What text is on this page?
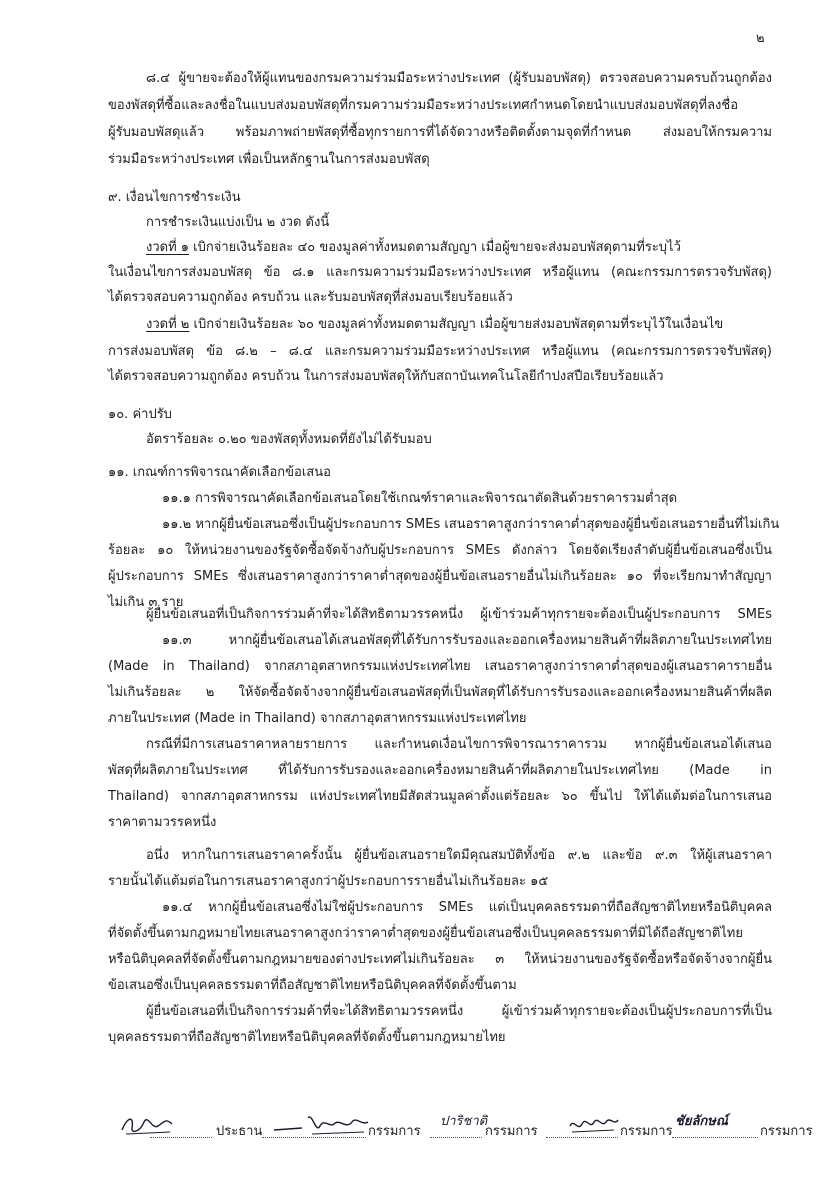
๒
๘.๔ ผู้ขายจะต้องให้ผู้แทนของกรมความร่วมมือระหว่างประเทศ (ผู้รับมอบพัสดุ) ตรวจสอบความครบถ้วนถูกต้อง
ของพัสดุที่ซื้อและลงชื่อในแบบส่งมอบพัสดุที่กรมความร่วมมือระหว่างประเทศกำหนดโดยนำแบบส่งมอบพัสดุที่ลงชื่อ
ผู้รับมอบพัสดุแล้ว พร้อมภาพถ่ายพัสดุที่ซื้อทุกรายการที่ได้จัดวางหรือติดตั้งตามจุดที่กำหนด ส่งมอบให้กรมความ
ร่วมมือระหว่างประเทศ เพื่อเป็นหลักฐานในการส่งมอบพัสดุ
๙. เงื่อนไขการชำระเงิน
การชำระเงินแบ่งเป็น ๒ งวด ดังนี้
งวดที่ ๑ เบิกจ่ายเงินร้อยละ ๔๐ ของมูลค่าทั้งหมดตามสัญญา เมื่อผู้ขายจะส่งมอบพัสดุตามที่ระบุไว้
ในเงื่อนไขการส่งมอบพัสดุ ข้อ ๘.๑ และกรมความร่วมมือระหว่างประเทศ หรือผู้แทน (คณะกรรมการตรวจรับพัสดุ)
ได้ตรวจสอบความถูกต้อง ครบถ้วน และรับมอบพัสดุที่ส่งมอบเรียบร้อยแล้ว
งวดที่ ๒ เบิกจ่ายเงินร้อยละ ๖๐ ของมูลค่าทั้งหมดตามสัญญา เมื่อผู้ขายส่งมอบพัสดุตามที่ระบุไว้ในเงื่อนไข
การส่งมอบพัสดุ ข้อ ๘.๒ – ๘.๔ และกรมความร่วมมือระหว่างประเทศ หรือผู้แทน (คณะกรรมการตรวจรับพัสดุ)
ได้ตรวจสอบความถูกต้อง ครบถ้วน ในการส่งมอบพัสดุให้กับสถาบันเทคโนโลยีกำปงสปือเรียบร้อยแล้ว
๑๐. ค่าปรับ
อัตราร้อยละ ๐.๒๐ ของพัสดุทั้งหมดที่ยังไม่ได้รับมอบ
๑๑. เกณฑ์การพิจารณาคัดเลือกข้อเสนอ
๑๑.๑ การพิจารณาคัดเลือกข้อเสนอโดยใช้เกณฑ์ราคาและพิจารณาตัดสินด้วยราคารวมต่ำสุด
๑๑.๒ หากผู้ยื่นข้อเสนอซึ่งเป็นผู้ประกอบการ SMEs เสนอราคาสูงกว่าราคาต่ำสุดของผู้ยื่นข้อเสนอรายอื่นที่ไม่เกิน
ร้อยละ ๑๐ ให้หน่วยงานของรัฐจัดซื้อจัดจ้างกับผู้ประกอบการ SMEs ดังกล่าว โดยจัดเรียงลำดับผู้ยื่นข้อเสนอซึ่งเป็น
ผู้ประกอบการ SMEs ซึ่งเสนอราคาสูงกว่าราคาต่ำสุดของผู้ยื่นข้อเสนอรายอื่นไม่เกินร้อยละ ๑๐ ที่จะเรียกมาทำสัญญา
ไม่เกิน ๓ ราย
ผู้ยื่นข้อเสนอที่เป็นกิจการร่วมค้าที่จะได้สิทธิตามวรรคหนึ่ง ผู้เข้าร่วมค้าทุกรายจะต้องเป็นผู้ประกอบการ SMEs
๑๑.๓ หากผู้ยื่นข้อเสนอได้เสนอพัสดุที่ได้รับการรับรองและออกเครื่องหมายสินค้าที่ผลิตภายในประเทศไทย
(Made in Thailand) จากสภาอุตสาหกรรมแห่งประเทศไทย เสนอราคาสูงกว่าราคาต่ำสุดของผู้เสนอราคารายอื่น
ไม่เกินร้อยละ ๒ ให้จัดซื้อจัดจ้างจากผู้ยื่นข้อเสนอพัสดุที่เป็นพัสดุที่ได้รับการรับรองและออกเครื่องหมายสินค้าที่ผลิต
ภายในประเทศ (Made in Thailand) จากสภาอุตสาหกรรมแห่งประเทศไทย
กรณีที่มีการเสนอราคาหลายรายการ และกำหนดเงื่อนไขการพิจารณาราคารวม หากผู้ยื่นข้อเสนอได้เสนอ
พัสดุที่ผลิตภายในประเทศ ที่ได้รับการรับรองและออกเครื่องหมายสินค้าที่ผลิตภายในประเทศไทย (Made in
Thailand) จากสภาอุตสาหกรรม แห่งประเทศไทยมีสัดส่วนมูลค่าตั้งแต่ร้อยละ ๖๐ ขึ้นไป ให้ได้แต้มต่อในการเสนอ
ราคาตามวรรคหนึ่ง
อนึ่ง หากในการเสนอราคาครั้งนั้น ผู้ยื่นข้อเสนอรายใดมีคุณสมบัติทั้งข้อ ๙.๒ และข้อ ๙.๓ ให้ผู้เสนอราคา
รายนั้นได้แต้มต่อในการเสนอราคาสูงกว่าผู้ประกอบการรายอื่นไม่เกินร้อยละ ๑๕
๑๑.๔ หากผู้ยื่นข้อเสนอซึ่งไม่ใช่ผู้ประกอบการ SMEs แต่เป็นบุคคลธรรมดาที่ถือสัญชาติไทยหรือนิติบุคคล
ที่จัดตั้งขึ้นตามกฎหมายไทยเสนอราคาสูงกว่าราคาต่ำสุดของผู้ยื่นข้อเสนอซึ่งเป็นบุคคลธรรมดาที่มิได้ถือสัญชาติไทย
หรือนิติบุคคลที่จัดตั้งขึ้นตามกฎหมายของต่างประเทศไม่เกินร้อยละ ๓ ให้หน่วยงานของรัฐจัดซื้อหรือจัดจ้างจากผู้ยื่น
ข้อเสนอซึ่งเป็นบุคคลธรรมดาที่ถือสัญชาติไทยหรือนิติบุคคลที่จัดตั้งขึ้นตาม
ผู้ยื่นข้อเสนอที่เป็นกิจการร่วมค้าที่จะได้สิทธิตามวรรคหนึ่ง ผู้เข้าร่วมค้าทุกรายจะต้องเป็นผู้ประกอบการที่เป็น
บุคคลธรรมดาที่ถือสัญชาติไทยหรือนิติบุคคลที่จัดตั้งขึ้นตามกฎหมายไทย
ประธาน	กรรมการ
ปาริชาติ
กรรมการ	กรรมการ
ชัยลักษณ์
กรรมการ
